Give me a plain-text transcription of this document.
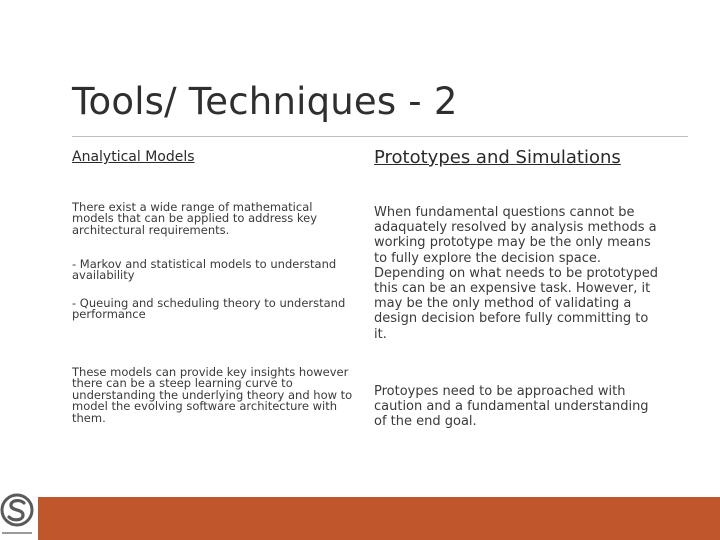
Tools/ Techniques - 2

Analytical Models

There exist a wide range of mathematical models that can be applied to address key architectural requirements.

- Markov and statistical models to understand availability

- Queuing and scheduling theory to understand performance

These models can provide key insights however there can be a steep learning curve to understanding the underlying theory and how to model the evolving software architecture with them.

Prototypes and Simulations

When fundamental questions cannot be adaquately resolved by analysis methods a working prototype may be the only means to fully explore the decision space. Depending on what needs to be prototyped this can be an expensive task. However, it may be the only method of validating a design decision before fully committing to it.

Protoypes need to be approached with caution and a fundamental understanding of the end goal.
